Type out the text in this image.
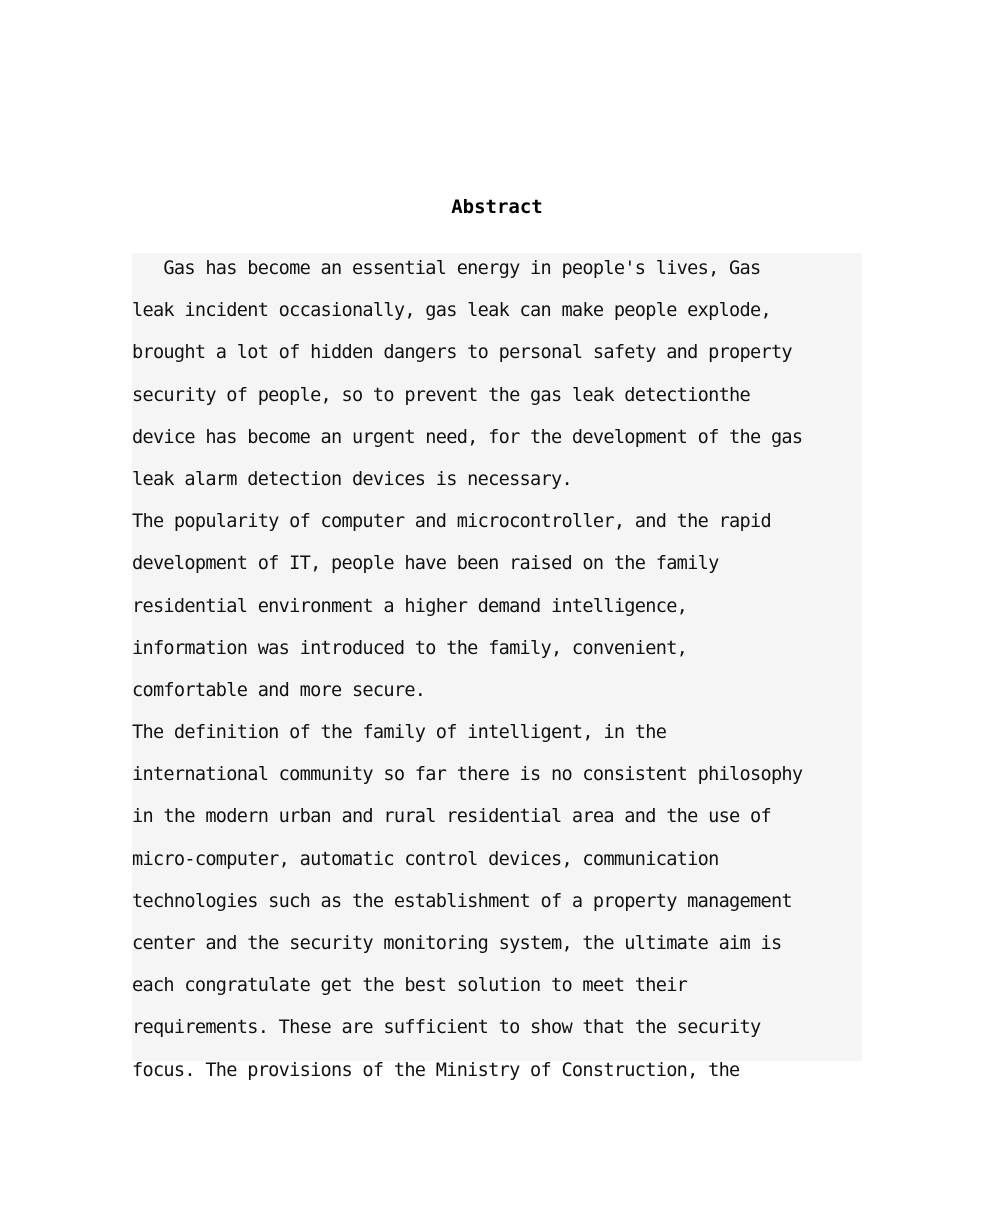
Abstract

Gas has become an essential energy in people's lives, Gas

leak incident occasionally, gas leak can make people explode,

brought a lot of hidden dangers to personal safety and property

security of people, so to prevent the gas leak detectionthe

device has become an urgent need, for the development of the gas

leak alarm detection devices is necessary.

The popularity of computer and microcontroller, and the rapid

development of IT, people have been raised on the family

residential environment a higher demand intelligence,

information was introduced to the family, convenient,

comfortable and more secure.

The definition of the family of intelligent, in the

international community so far there is no consistent philosophy

in the modern urban and rural residential area and the use of

micro-computer, automatic control devices, communication

technologies such as the establishment of a property management

center and the security monitoring system, the ultimate aim is

each congratulate get the best solution to meet their

requirements. These are sufficient to show that the security

focus. The provisions of the Ministry of Construction, the
